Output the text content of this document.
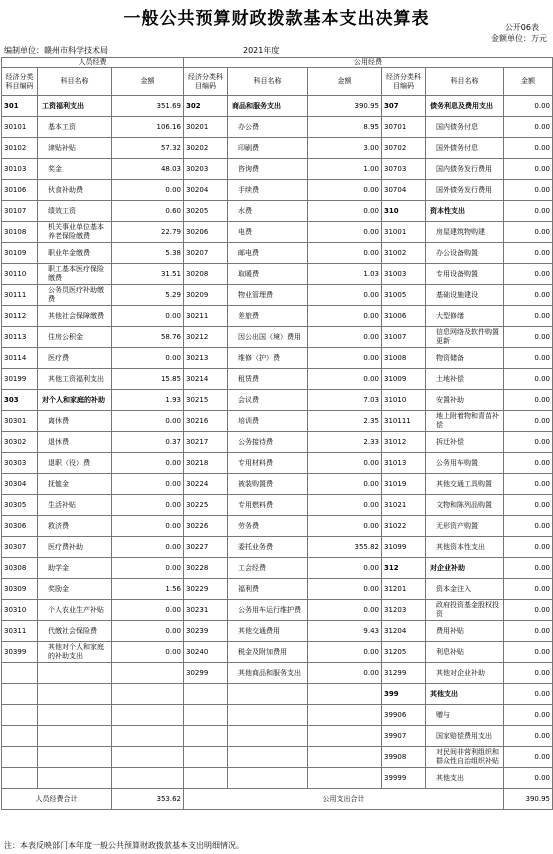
一般公共预算财政拨款基本支出决算表	公开06表
金额单位：万元
编制单位：赣州市科学技术局	2021年度
人员经费			公用经费					
经济分类科目编码	科目名称	金额	经济分类科目编码	科目名称	金额	经济分类科目编码	科目名称	金额
301	工资福利支出	351.69	302	商品和服务支出	390.95	307	债务利息及费用支出	0.00
30101	基本工资	106.16	30201	办公费	8.95	30701	国内债务付息	0.00
30102	津贴补贴	57.32	30202	印刷费	3.00	30702	国外债务付息	0.00
30103	奖金	48.03	30203	咨询费	1.00	30703	国内债务发行费用	0.00
30106	伙食补助费	0.00	30204	手续费	0.00	30704	国外债务发行费用	0.00
30107	绩效工资	0.60	30205	水费	0.00	310	资本性支出	0.00
30108	机关事业单位基本养老保险缴费	22.79	30206	电费	0.00	31001	房屋建筑物购建	0.00
30109	职业年金缴费	5.38	30207	邮电费	0.00	31002	办公设备购置	0.00
30110	职工基本医疗保险缴费	31.51	30208	取暖费	1.03	31003	专用设备购置	0.00
30111	公务员医疗补助缴费	5.29	30209	物业管理费	0.00	31005	基础设施建设	0.00
30112	其他社会保障缴费	0.00	30211	差旅费	0.00	31006	大型修缮	0.00
30113	住房公积金	58.76	30212	因公出国（境）费用	0.00	31007	信息网络及软件购置更新	0.00
30114	医疗费	0.00	30213	维修（护）费	0.00	31008	物资储备	0.00
30199	其他工资福利支出	15.85	30214	租赁费	0.00	31009	土地补偿	0.00
303	对个人和家庭的补助	1.93	30215	会议费	7.03	31010	安置补助	0.00
30301	离休费	0.00	30216	培训费	2.35	310111	地上附着物和青苗补偿	0.00
30302	退休费	0.37	30217	公务接待费	2.33	31012	拆迁补偿	0.00
30303	退职（役）费	0.00	30218	专用材料费	0.00	31013	公务用车购置	0.00
30304	抚恤金	0.00	30224	被装购置费	0.00	31019	其他交通工具购置	0.00
30305	生活补贴	0.00	30225	专用燃料费	0.00	31021	文物和陈列品购置	0.00
30306	救济费	0.00	30226	劳务费	0.00	31022	无形资产购置	0.00
30307	医疗费补助	0.00	30227	委托业务费	355.82	31099	其他资本性支出	0.00
30308	助学金	0.00	30228	工会经费	0.00	312	对企业补助	0.00
30309	奖励金	1.56	30229	福利费	0.00	31201	资本金注入	0.00
30310	个人农业生产补贴	0.00	30231	公务用车运行维护费	0.00	31203	政府投资基金股权投资	0.00
30311	代缴社会保险费	0.00	30239	其他交通费用	9.43	31204	费用补贴	0.00
30399	其他对个人和家庭的补助支出	0.00	30240	税金及附加费用	0.00	31205	利息补贴	0.00
			30299	其他商品和服务支出	0.00	31299	其他对企业补助	0.00
						399	其他支出	0.00
						39906	赠与	0.00
						39907	国家赔偿费用支出	0.00
						39908	对民间非营利组织和群众性自治组织补贴	0.00
						39999	其他支出	0.00
人员经费合计		353.62	公用支出合计					390.95
注：本表反映部门本年度一般公共预算财政拨款基本支出明细情况。
